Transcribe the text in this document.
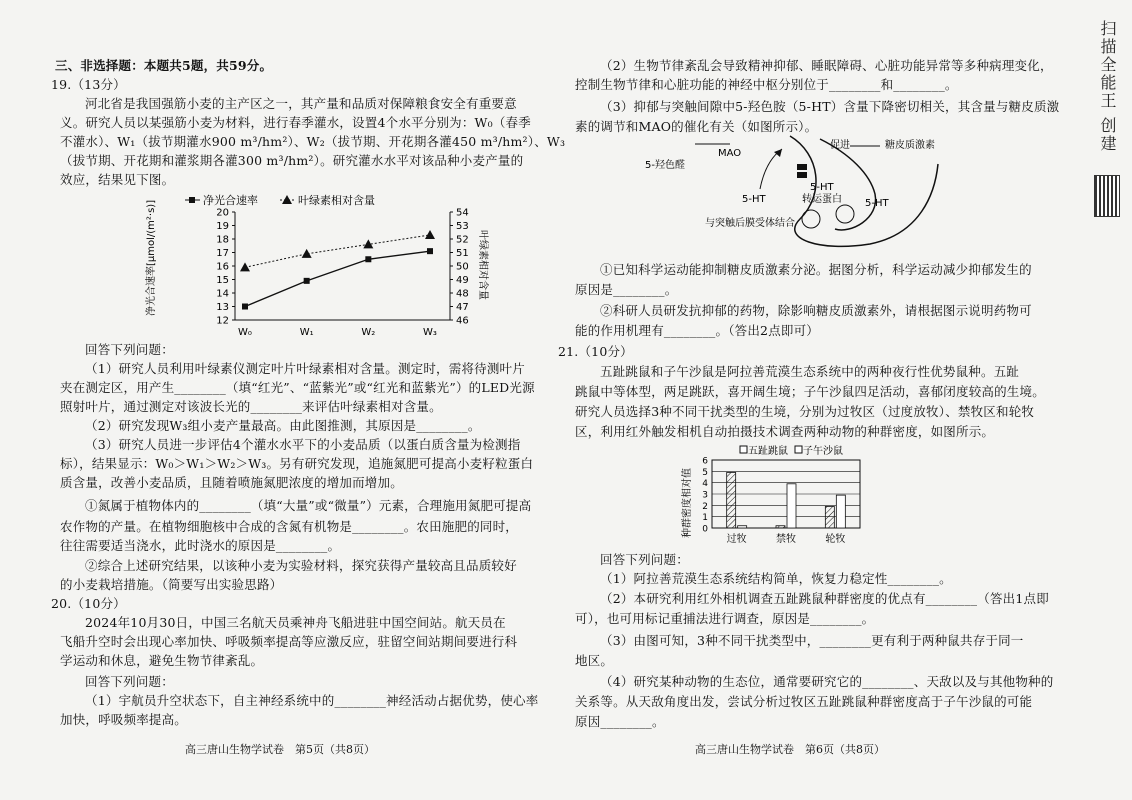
三、非选择题：本题共5题，共59分。
19.（13分）
河北省是我国强筋小麦的主产区之一，其产量和品质对保障粮食安全有重要意
义。研究人员以某强筋小麦为材料，进行春季灌水，设置4个水平分别为：W₀（春季
不灌水）、W₁（拔节期灌水900 m³/hm²）、W₂（拔节期、开花期各灌450 m³/hm²）、W₃
（拔节期、开花期和灌浆期各灌300 m³/hm²）。研究灌水水平对该品种小麦产量的
效应，结果见下图。
净光合速率	叶绿素相对含量
净光合速率[μmol/(m²·s)]	叶绿素相对含量
12
13
14
15
16
17
18
19
20
46
47
48
49
50
51
52
53
54
W₀	W₁	W₂	W₃
回答下列问题：
（1）研究人员利用叶绿素仪测定叶片叶绿素相对含量。测定时，需将待测叶片
夹在测定区，用产生________（填“红光”、“蓝紫光”或“红光和蓝紫光”）的LED光源
照射叶片，通过测定对该波长光的________来评估叶绿素相对含量。
（2）研究发现W₃组小麦产量最高。由此图推测，其原因是________。
（3）研究人员进一步评估4个灌水水平下的小麦品质（以蛋白质含量为检测指
标），结果显示：W₀＞W₁＞W₂＞W₃。另有研究发现，追施氮肥可提高小麦籽粒蛋白
质含量，改善小麦品质，且随着喷施氮肥浓度的增加而增加。
①氮属于植物体内的________（填“大量”或“微量”）元素，合理施用氮肥可提高
农作物的产量。在植物细胞核中合成的含氮有机物是________。农田施肥的同时，
往往需要适当浇水，此时浇水的原因是________。
②综合上述研究结果，以该种小麦为实验材料，探究获得产量较高且品质较好
的小麦栽培措施。（简要写出实验思路）
20.（10分）
2024年10月30日，中国三名航天员乘神舟飞船进驻中国空间站。航天员在
飞船升空时会出现心率加快、呼吸频率提高等应激反应，驻留空间站期间要进行科
学运动和休息，避免生物节律紊乱。
回答下列问题：
（1）宇航员升空状态下，自主神经系统中的________神经活动占据优势，使心率
加快，呼吸频率提高。
高三唐山生物学试卷　第5页（共8页）
（2）生物节律紊乱会导致精神抑郁、睡眠障碍、心脏功能异常等多种病理变化，
控制生物节律和心脏功能的神经中枢分别位于________和________。
（3）抑郁与突触间隙中5-羟色胺（5-HT）含量下降密切相关，其含量与糖皮质激
素的调节和MAO的催化有关（如图所示）。
MAO
5-羟色醛
促进	糖皮质激素
5-HT
5-HT
转运蛋白 5-HT
与突触后膜受体结合
①已知科学运动能抑制糖皮质激素分泌。据图分析，科学运动减少抑郁发生的
原因是________。
②科研人员研发抗抑郁的药物，除影响糖皮质激素外，请根据图示说明药物可
能的作用机理有________。（答出2点即可）
21.（10分）
五趾跳鼠和子午沙鼠是阿拉善荒漠生态系统中的两种夜行性优势鼠种。五趾
跳鼠中等体型，两足跳跃，喜开阔生境；子午沙鼠四足活动，喜郁闭度较高的生境。
研究人员选择3种不同干扰类型的生境，分别为过牧区（过度放牧）、禁牧区和轮牧
区，利用红外触发相机自动拍摄技术调查两种动物的种群密度，如图所示。
五趾跳鼠 子午沙鼠
种群密度相对值 0
1
2
3
4
5
6
过牧	禁牧	轮牧
回答下列问题：
（1）阿拉善荒漠生态系统结构简单，恢复力稳定性________。
（2）本研究利用红外相机调查五趾跳鼠种群密度的优点有________（答出1点即
可），也可用标记重捕法进行调查，原因是________。
（3）由图可知，3种不同干扰类型中，________更有利于两种鼠共存于同一
地区。
（4）研究某种动物的生态位，通常要研究它的________、天敌以及与其他物种的
关系等。从天敌角度出发，尝试分析过牧区五趾跳鼠种群密度高于子午沙鼠的可能
原因________。
高三唐山生物学试卷　第6页（共8页）
扫描全能王 创建
